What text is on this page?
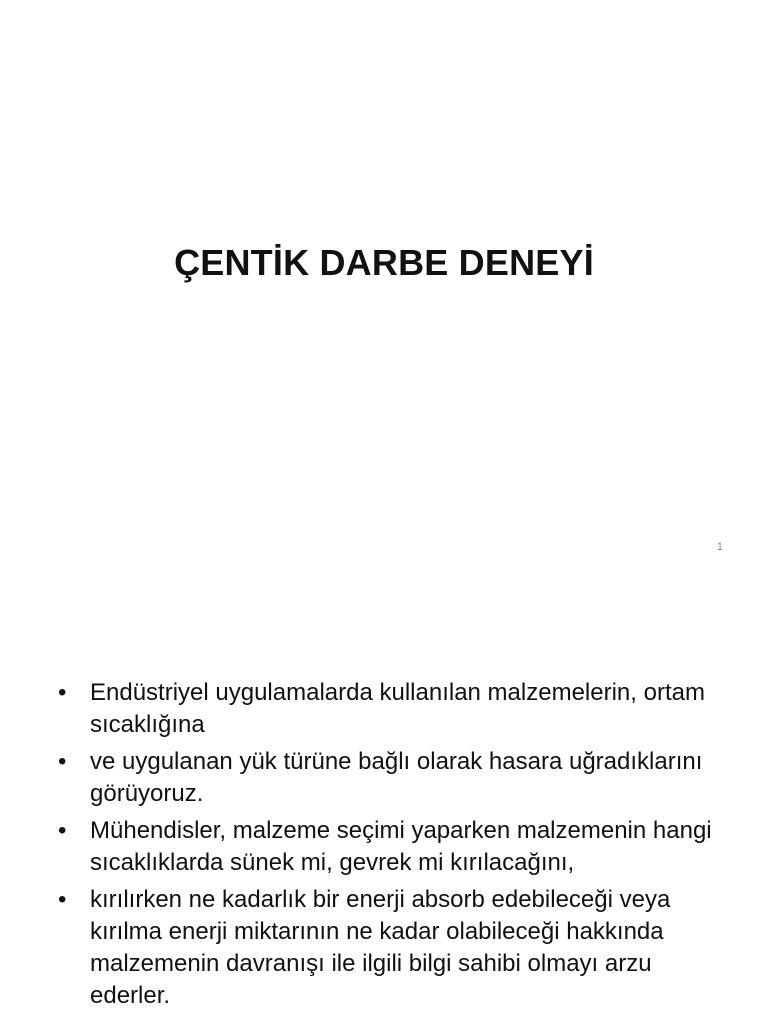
ÇENTİK DARBE DENEYİ
1
• Endüstriyel uygulamalarda kullanılan malzemelerin, ortam sıcaklığına
• ve uygulanan yük türüne bağlı olarak hasara uğradıklarını görüyoruz.
• Mühendisler, malzeme seçimi yaparken malzemenin hangi sıcaklıklarda sünek mi, gevrek mi kırılacağını,
• kırılırken ne kadarlık bir enerji absorb edebileceği veya kırılma enerji miktarının ne kadar olabileceği hakkında malzemenin davranışı ile ilgili bilgi sahibi olmayı arzu ederler.
